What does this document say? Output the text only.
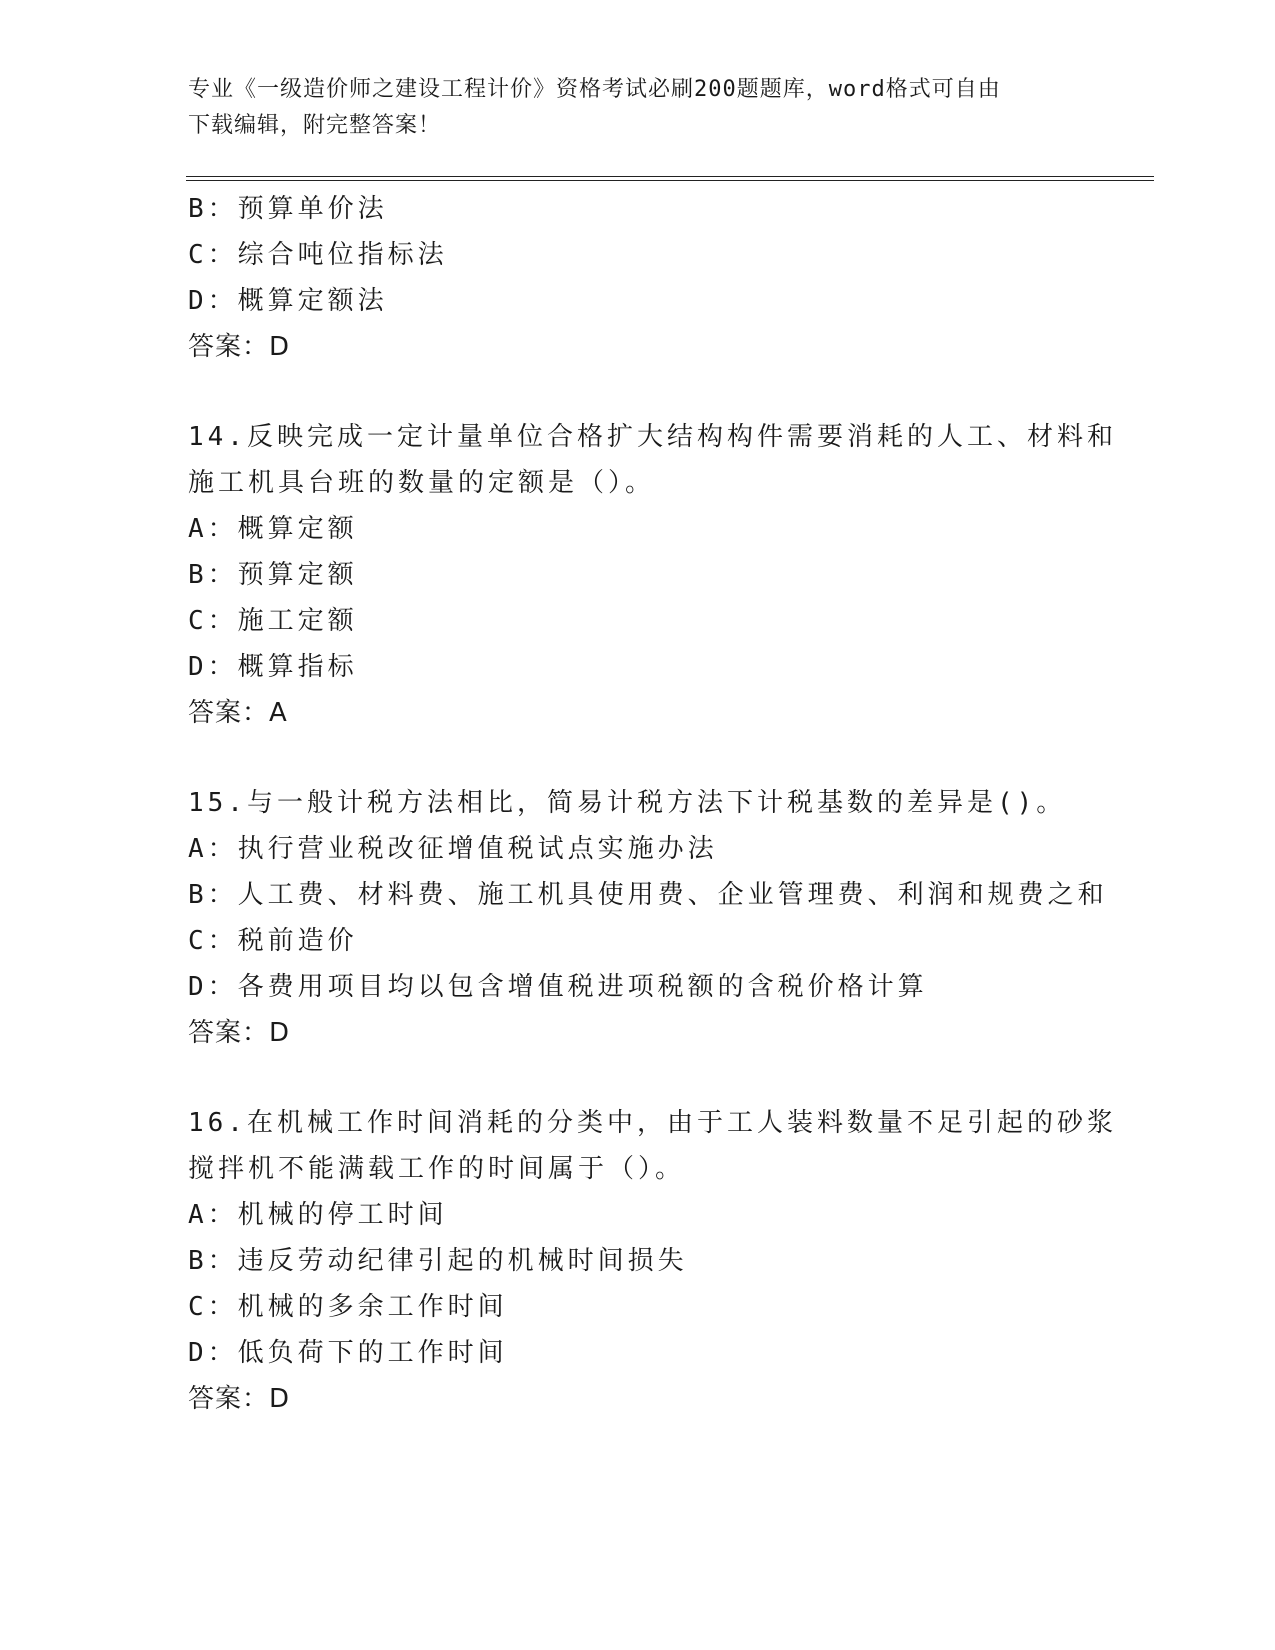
专业《一级造价师之建设工程计价》资格考试必刷200题题库，word格式可自由
下载编辑，附完整答案！
B：预算单价法
C：综合吨位指标法
D：概算定额法
答案：D
14.反映完成一定计量单位合格扩大结构构件需要消耗的人工、材料和
施工机具台班的数量的定额是（）。
A：概算定额
B：预算定额
C：施工定额
D：概算指标
答案：A
15.与一般计税方法相比，简易计税方法下计税基数的差异是()。
A：执行营业税改征增值税试点实施办法
B：人工费、材料费、施工机具使用费、企业管理费、利润和规费之和
C：税前造价
D：各费用项目均以包含增值税进项税额的含税价格计算
答案：D
16.在机械工作时间消耗的分类中，由于工人装料数量不足引起的砂浆
搅拌机不能满载工作的时间属于（）。
A：机械的停工时间
B：违反劳动纪律引起的机械时间损失
C：机械的多余工作时间
D：低负荷下的工作时间
答案：D
